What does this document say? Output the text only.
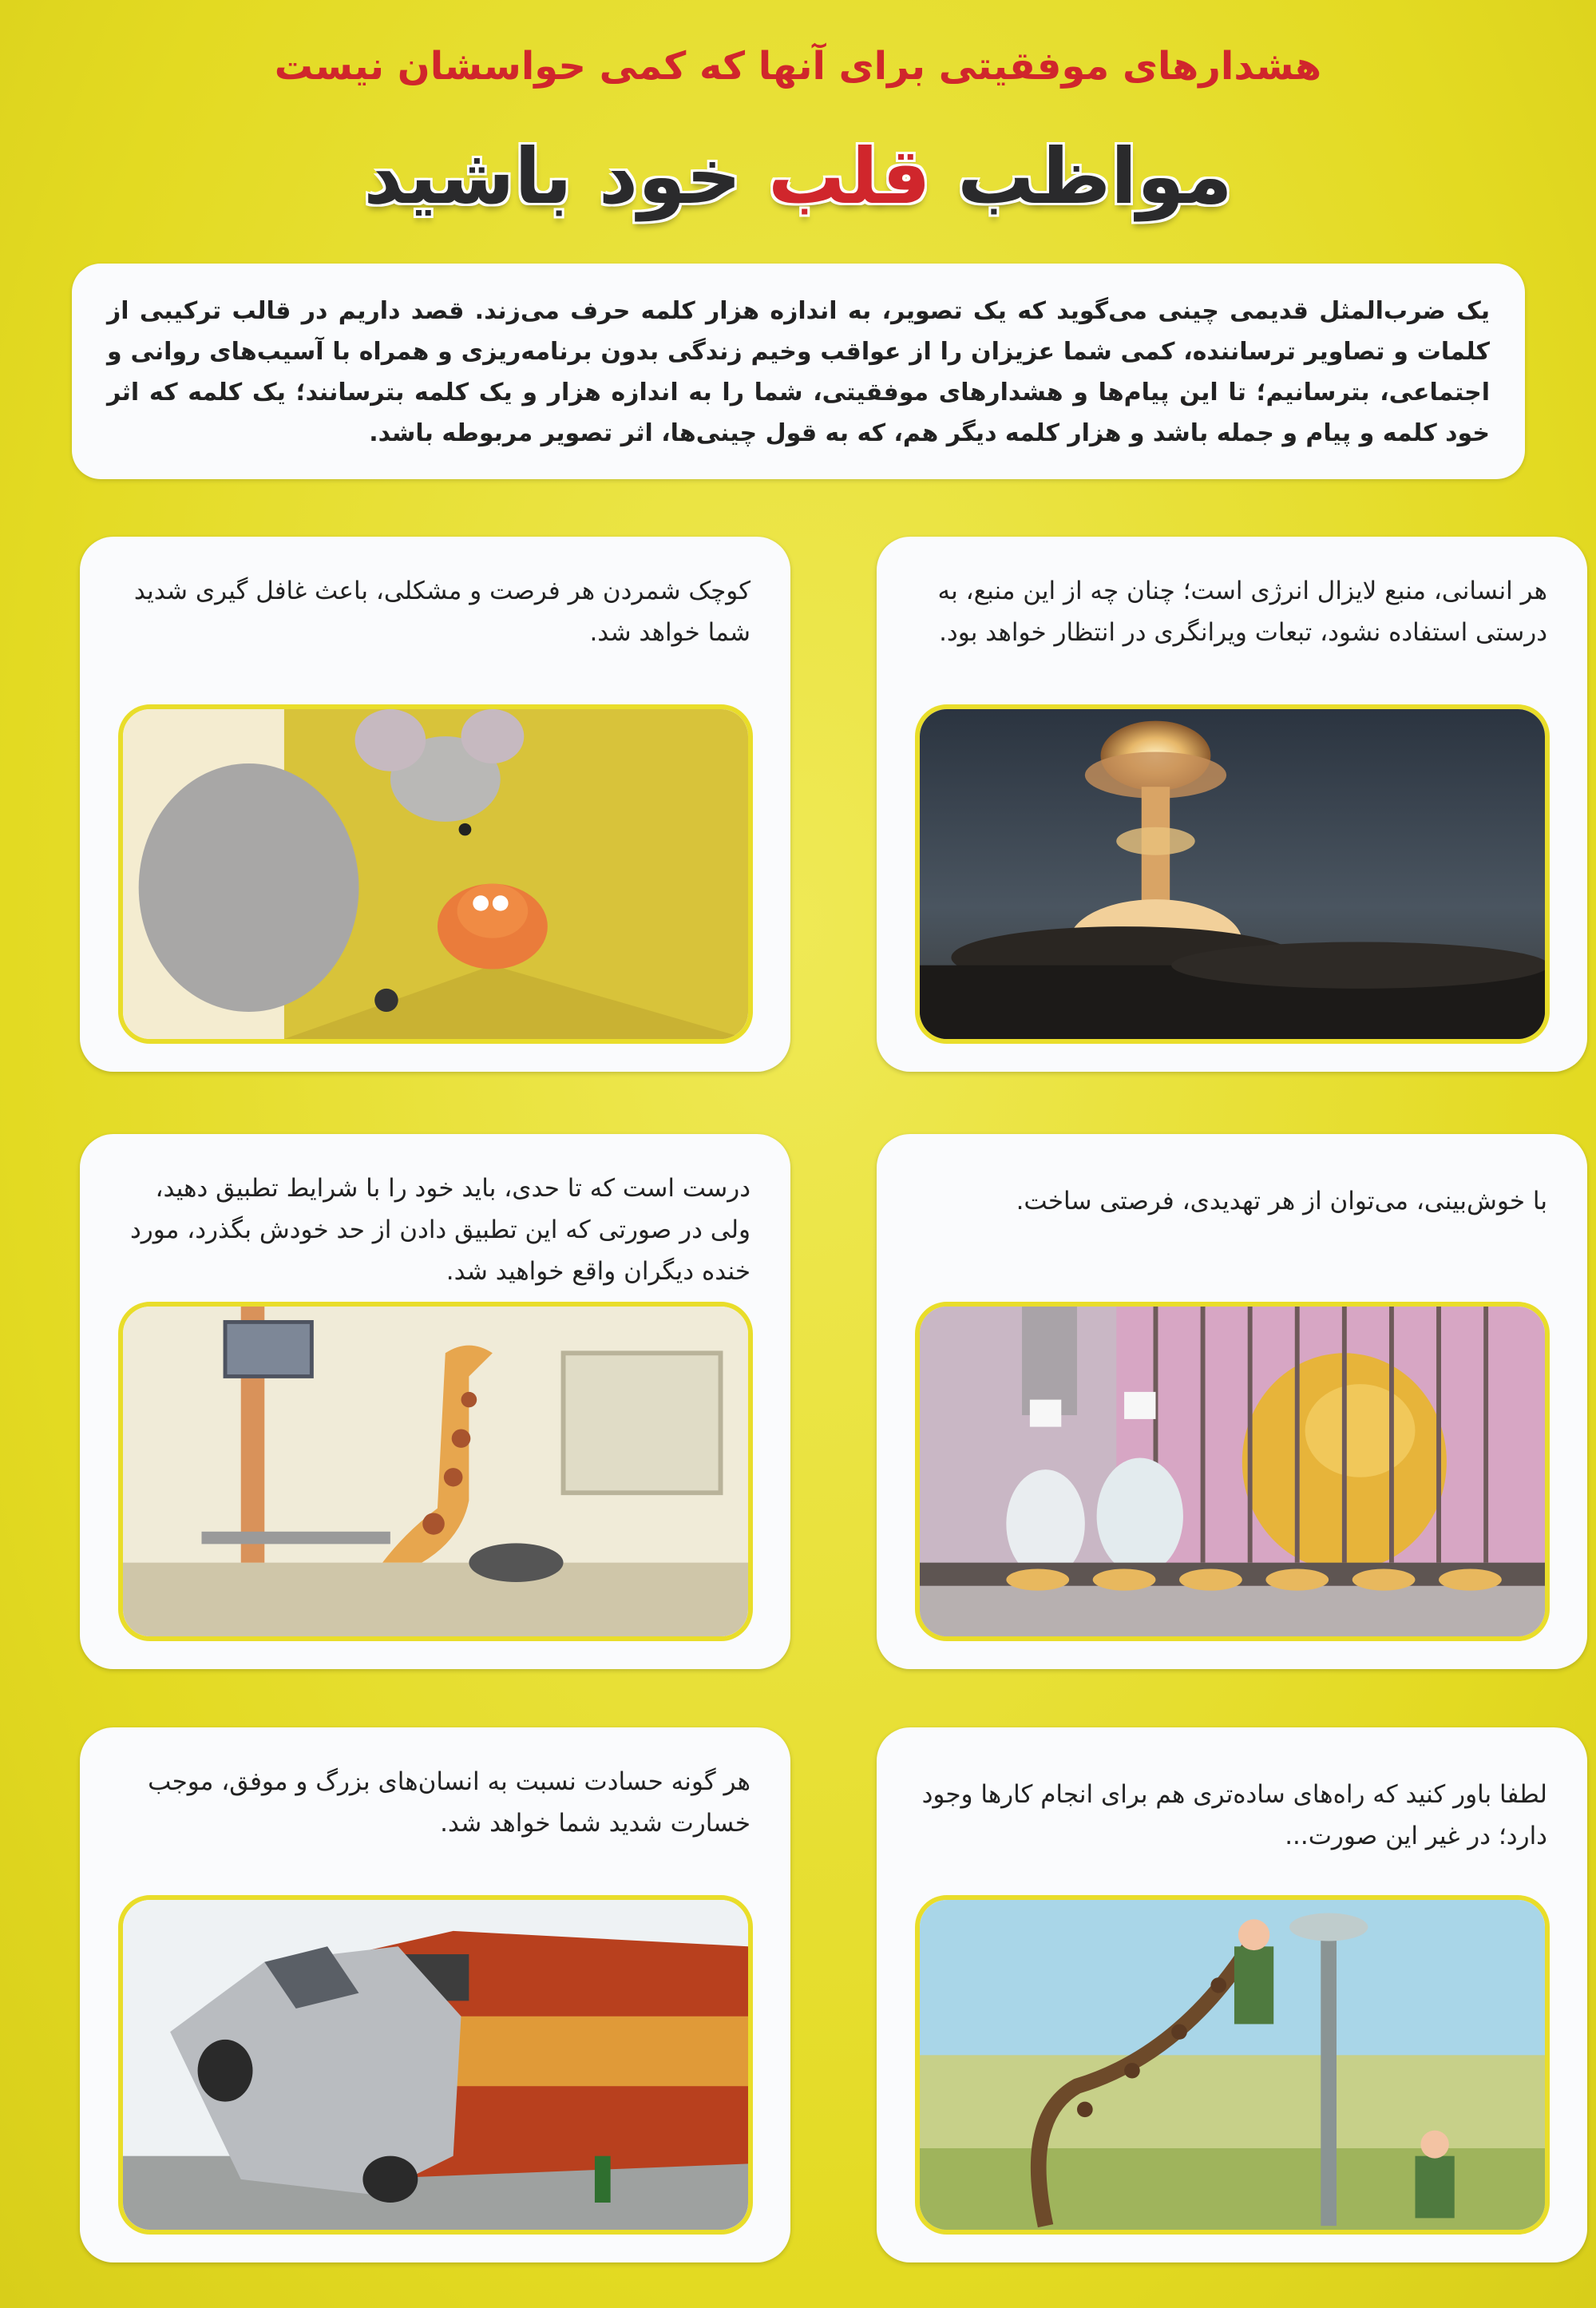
هشدارهای موفقیتی برای آنها که کمی حواسشان نیست
مواظب قلب خود باشید

یک ضرب‌المثل قدیمی چینی می‌گوید که یک تصویر، به اندازه هزار کلمه حرف می‌زند. قصد داریم در قالب ترکیبی از کلمات و تصاویر ترساننده، کمی شما عزیزان را از عواقب وخیم زندگی بدون برنامه‌ریزی و همراه با آسیب‌های روانی و اجتماعی، بترسانیم؛ تا این پیام‌ها و هشدارهای موفقیتی، شما را به اندازه هزار و یک کلمه بترسانند؛ یک کلمه که اثر خود کلمه و پیام و جمله باشد و هزار کلمه دیگر هم، که به قول چینی‌ها، اثر تصویر مربوطه باشد.

هر انسانی، منبع لایزال انرژی است؛ چنان چه از این منبع، به درستی استفاده نشود، تبعات ویرانگری در انتظار خواهد بود.
کوچک شمردن هر فرصت و مشکلی، باعث غافل گیری شدید شما خواهد شد.
با خوش‌بینی، می‌توان از هر تهدیدی، فرصتی ساخت.
درست است که تا حدی، باید خود را با شرایط تطبیق دهید، ولی در صورتی که این تطبیق دادن از حد خودش بگذرد، مورد خنده دیگران واقع خواهید شد.
لطفا باور کنید که راه‌های ساده‌تری هم برای انجام کارها وجود دارد؛ در غیر این صورت...
هر گونه حسادت نسبت به انسان‌های بزرگ و موفق، موجب خسارت شدید شما خواهد شد.
